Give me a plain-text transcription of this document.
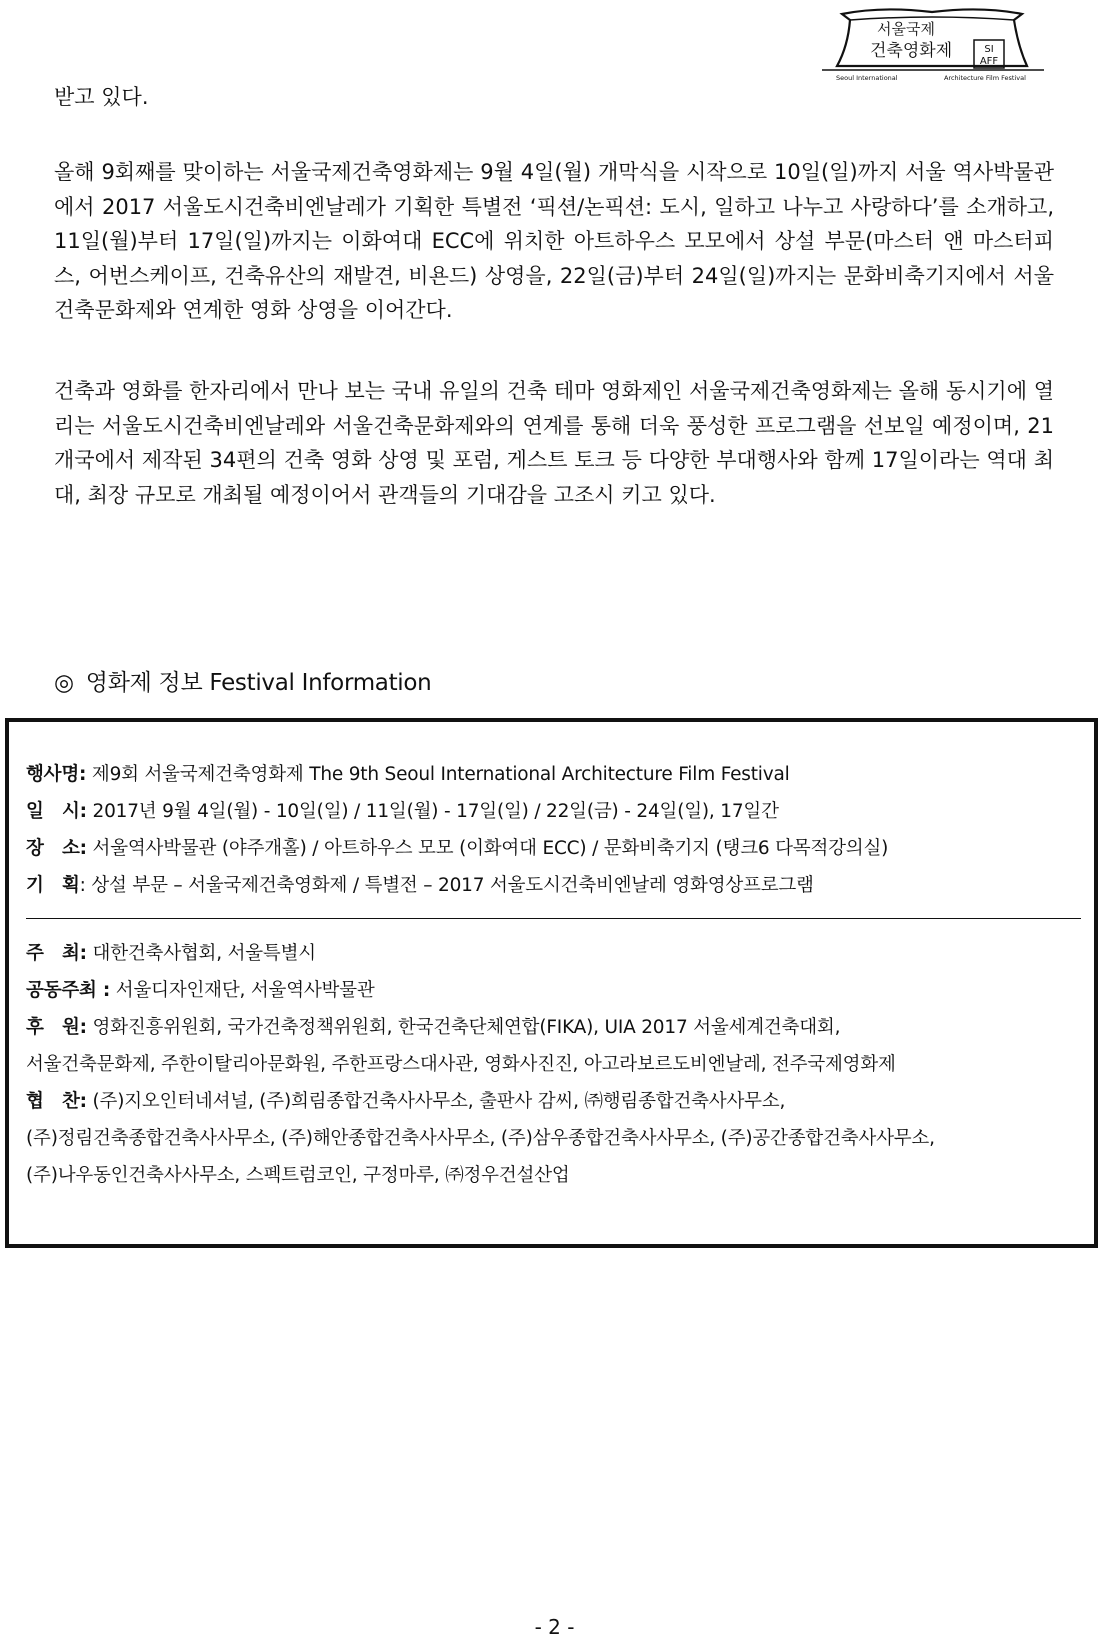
서울국제
건축영화제	SI
AFF
Seoul International	Architecture Film Festival

받고 있다.

올해 9회째를 맞이하는 서울국제건축영화제는 9월 4일(월) 개막식을 시작으로 10일(일)까지 서울 역사박물관에서 2017 서울도시건축비엔날레가 기획한 특별전 ‘픽션/논픽션: 도시, 일하고 나누고 사랑하다’를 소개하고, 11일(월)부터 17일(일)까지는 이화여대 ECC에 위치한 아트하우스 모모에서 상설 부문(마스터 앤 마스터피스, 어번스케이프, 건축유산의 재발견, 비욘드) 상영을, 22일(금)부터 24일(일)까지는 문화비축기지에서 서울건축문화제와 연계한 영화 상영을 이어간다.

건축과 영화를 한자리에서 만나 보는 국내 유일의 건축 테마 영화제인 서울국제건축영화제는 올해 동시기에 열리는 서울도시건축비엔날레와 서울건축문화제와의 연계를 통해 더욱 풍성한 프로그램을 선보일 예정이며, 21개국에서 제작된 34편의 건축 영화 상영 및 포럼, 게스트 토크 등 다양한 부대행사와 함께 17일이라는 역대 최대, 최장 규모로 개최될 예정이어서 관객들의 기대감을 고조시 키고 있다.

◎ 영화제 정보 Festival Information
행사명: 제9회 서울국제건축영화제 The 9th Seoul International Architecture Film Festival
일　시: 2017년 9월 4일(월) - 10일(일) / 11일(월) - 17일(일) / 22일(금) - 24일(일), 17일간
장　소: 서울역사박물관 (야주개홀) / 아트하우스 모모 (이화여대 ECC) / 문화비축기지 (탱크6 다목적강의실)
기　획: 상설 부문 – 서울국제건축영화제 / 특별전 – 2017 서울도시건축비엔날레 영화영상프로그램
주　최: 대한건축사협회, 서울특별시
공동주최 : 서울디자인재단, 서울역사박물관
후　원: 영화진흥위원회, 국가건축정책위원회, 한국건축단체연합(FIKA), UIA 2017 서울세계건축대회,
서울건축문화제, 주한이탈리아문화원, 주한프랑스대사관, 영화사진진, 아고라보르도비엔날레, 전주국제영화제
협　찬: (주)지오인터네셔널, (주)희림종합건축사사무소, 출판사 감씨, ㈜행림종합건축사사무소,
(주)정림건축종합건축사사무소, (주)해안종합건축사사무소, (주)삼우종합건축사사무소, (주)공간종합건축사사무소,
(주)나우동인건축사사무소, 스펙트럼코인, 구정마루, ㈜정우건설산업
- 2 -
